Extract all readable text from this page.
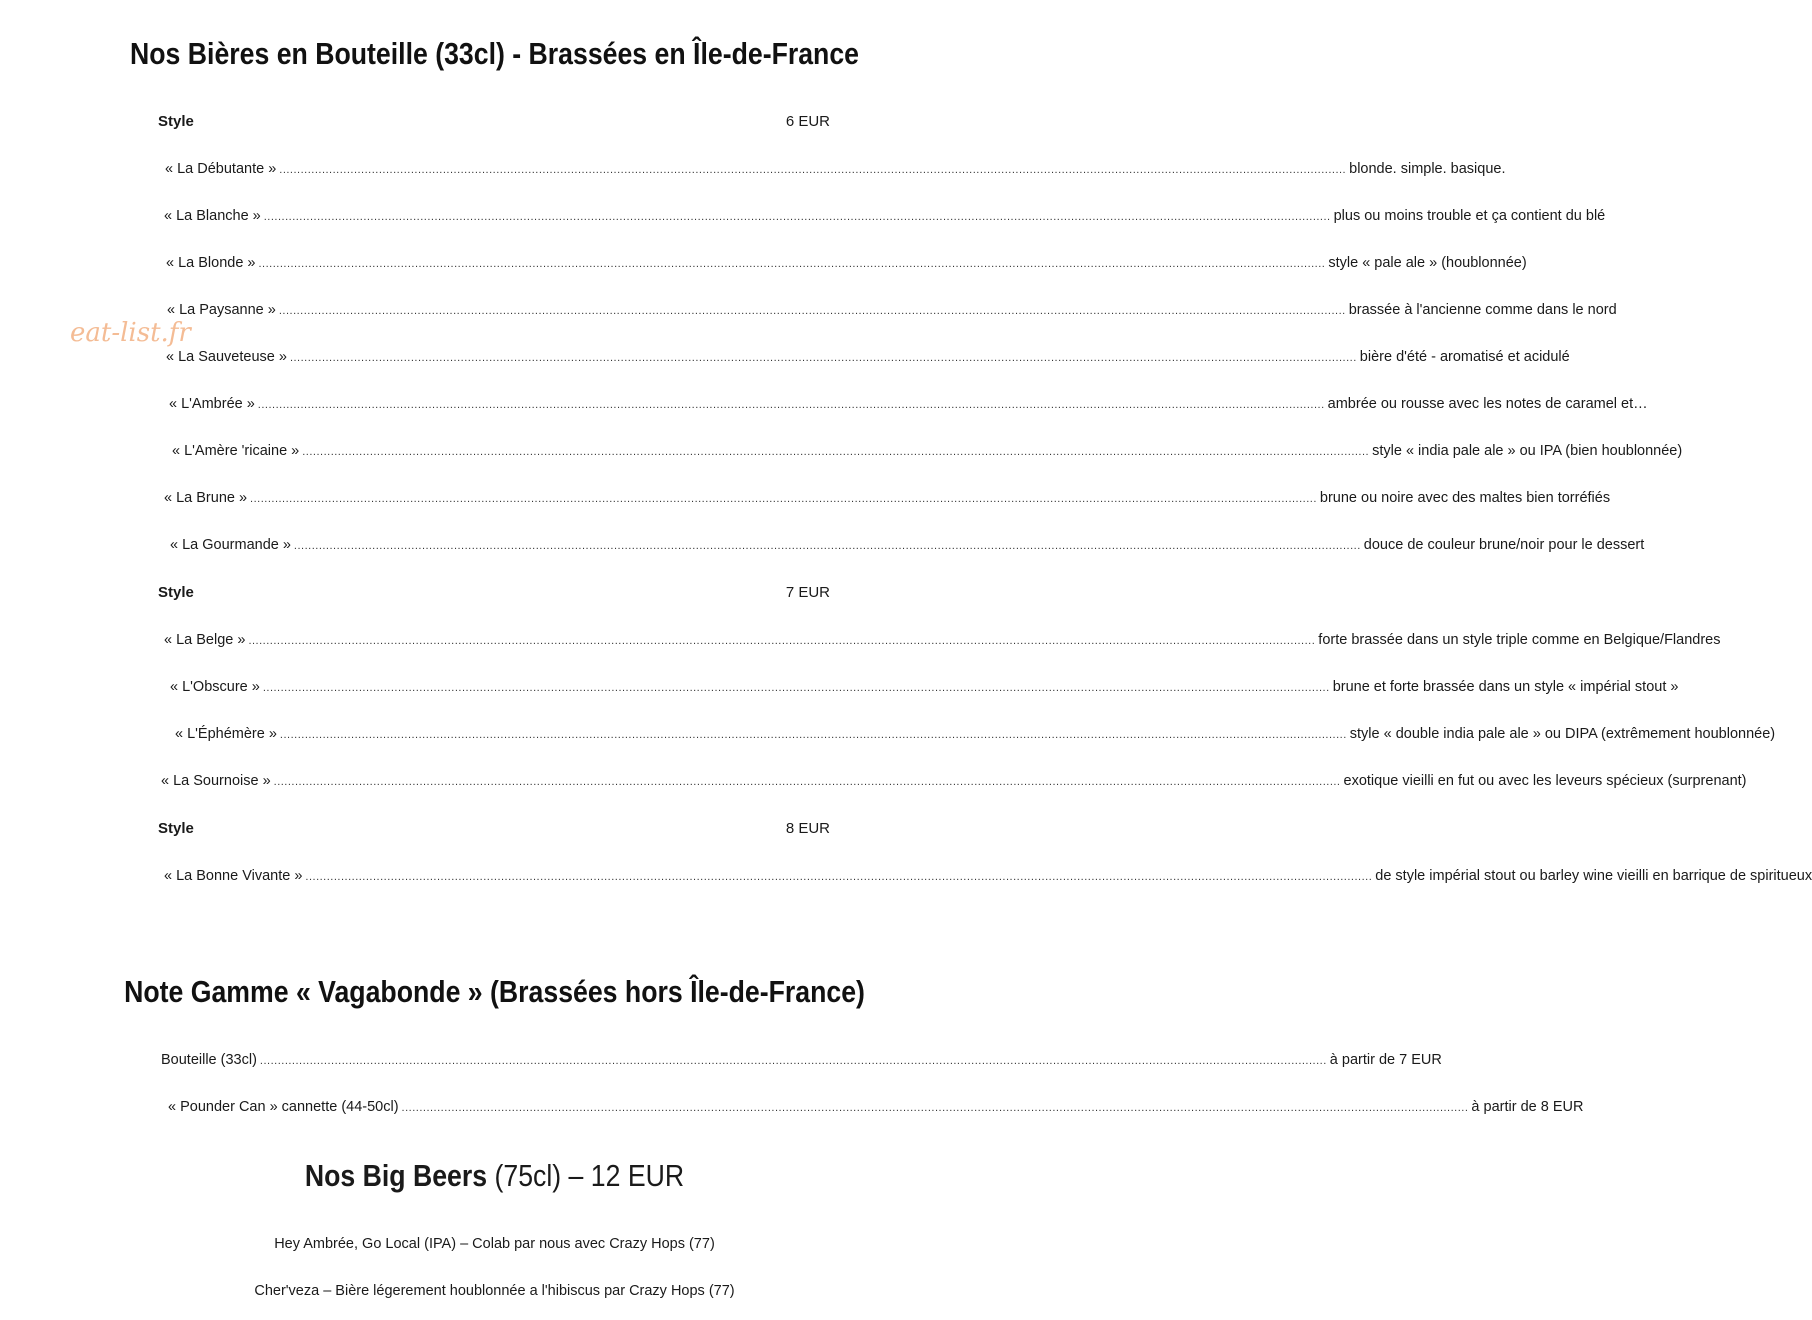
Nos Bières en Bouteille (33cl) - Brassées en Île-de-France
Style	6 EUR
« La Débutante » ............................................................................................................................................................................................................................................................................................................ blonde. simple. basique.
« La Blanche » ............................................................................................................................................................................................................................................................................................................ plus ou moins trouble et ça contient du blé
« La Blonde » ............................................................................................................................................................................................................................................................................................................ style « pale ale » (houblonnée)
« La Paysanne » ............................................................................................................................................................................................................................................................................................................ brassée à l'ancienne comme dans le nord
« La Sauveteuse » ............................................................................................................................................................................................................................................................................................................ bière d'été - aromatisé et acidulé
« L'Ambrée » ............................................................................................................................................................................................................................................................................................................ ambrée ou rousse avec les notes de caramel et…
« L'Amère 'ricaine » ............................................................................................................................................................................................................................................................................................................ style « india pale ale » ou IPA (bien houblonnée)
« La Brune » ............................................................................................................................................................................................................................................................................................................ brune ou noire avec des maltes bien torréfiés
« La Gourmande » ............................................................................................................................................................................................................................................................................................................ douce de couleur brune/noir pour le dessert
Style	7 EUR
« La Belge » ............................................................................................................................................................................................................................................................................................................ forte brassée dans un style triple comme en Belgique/Flandres
« L'Obscure » ............................................................................................................................................................................................................................................................................................................ brune et forte brassée dans un style « impérial stout »
« L'Éphémère » ............................................................................................................................................................................................................................................................................................................ style « double india pale ale » ou DIPA (extrêmement houblonnée)
« La Sournoise » ............................................................................................................................................................................................................................................................................................................ exotique vieilli en fut ou avec les leveurs spécieux (surprenant)
Style	8 EUR
« La Bonne Vivante » ............................................................................................................................................................................................................................................................................................................ de style impérial stout ou barley wine vieilli en barrique de spiritueux
Note Gamme « Vagabonde » (Brassées hors Île-de-France)
Bouteille (33cl) ............................................................................................................................................................................................................................................................................................................ à partir de 7 EUR
« Pounder Can » cannette (44-50cl) ............................................................................................................................................................................................................................................................................................................ à partir de 8 EUR
Nos Big Beers (75cl) – 12 EUR
Hey Ambrée, Go Local (IPA) – Colab par nous avec Crazy Hops (77)
Cher'veza – Bière légerement houblonnée a l'hibiscus par Crazy Hops (77)
eat-list.fr
